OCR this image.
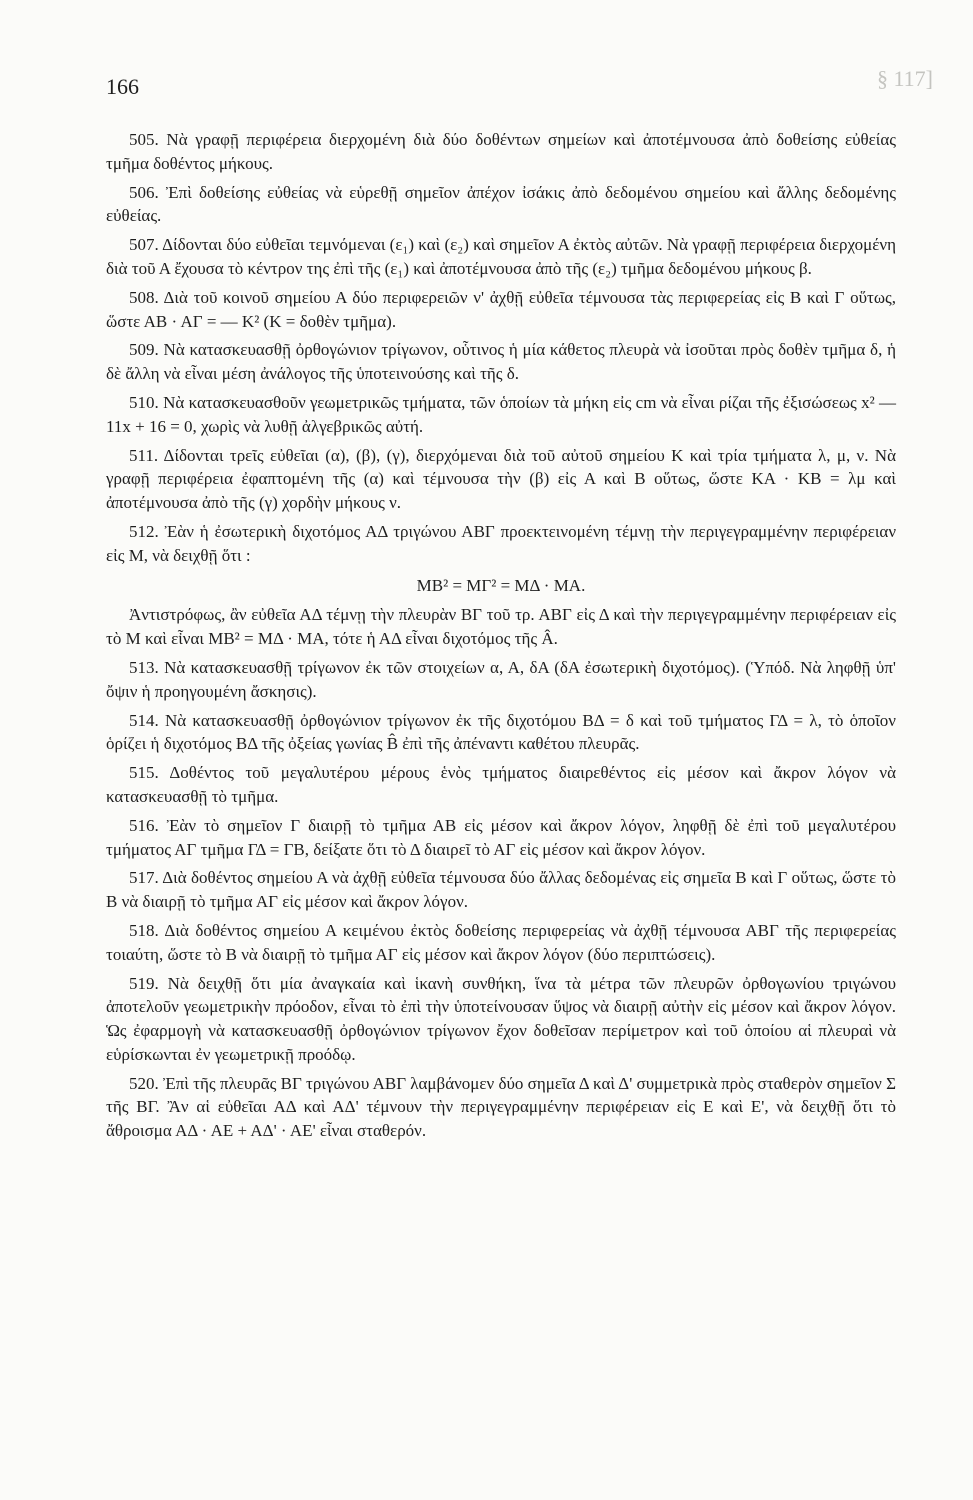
166	§ 117]

505. Νὰ γραφῇ περιφέρεια διερχομένη διὰ δύο δοθέντων σημείων καὶ ἀποτέμνουσα ἀπὸ δοθείσης εὐθείας τμῆμα δοθέντος μήκους.

506. Ἐπὶ δοθείσης εὐθείας νὰ εὑρεθῇ σημεῖον ἀπέχον ἰσάκις ἀπὸ δεδομένου σημείου καὶ ἄλλης δεδομένης εὐθείας.

507. Δίδονται δύο εὐθεῖαι τεμνόμεναι (ε₁) καὶ (ε₂) καὶ σημεῖον Α ἐκτὸς αὐτῶν. Νὰ γραφῇ περιφέρεια διερχομένη διὰ τοῦ Α ἔχουσα τὸ κέντρον της ἐπὶ τῆς (ε₁) καὶ ἀποτέμνουσα ἀπὸ τῆς (ε₂) τμῆμα δεδομένου μήκους β.

508. Διὰ τοῦ κοινοῦ σημείου Α δύο περιφερειῶν ν' ἀχθῇ εὐθεῖα τέμνουσα τὰς περιφερείας εἰς Β καὶ Γ οὕτως, ὥστε ΑΒ · ΑΓ = — Κ² (Κ = δοθὲν τμῆμα).

509. Νὰ κατασκευασθῇ ὀρθογώνιον τρίγωνον, οὗτινος ἡ μία κάθετος πλευρὰ νὰ ἰσοῦται πρὸς δοθὲν τμῆμα δ, ἡ δὲ ἄλλη νὰ εἶναι μέση ἀνάλογος τῆς ὑποτεινούσης καὶ τῆς δ.

510. Νὰ κατασκευασθοῦν γεωμετρικῶς τμήματα, τῶν ὁποίων τὰ μήκη εἰς cm νὰ εἶναι ρίζαι τῆς ἐξισώσεως x² — 11x + 16 = 0, χωρὶς νὰ λυθῇ ἀλγεβρικῶς αὐτή.

511. Δίδονται τρεῖς εὐθεῖαι (α), (β), (γ), διερχόμεναι διὰ τοῦ αὐτοῦ σημείου Κ καὶ τρία τμήματα λ, μ, ν. Νὰ γραφῇ περιφέρεια ἐφαπτομένη τῆς (α) καὶ τέμνουσα τὴν (β) εἰς Α καὶ Β οὕτως, ὥστε ΚΑ · ΚΒ = λμ καὶ ἀποτέμνουσα ἀπὸ τῆς (γ) χορδὴν μήκους ν.

512. Ἐὰν ἡ ἐσωτερικὴ διχοτόμος ΑΔ τριγώνου ΑΒΓ προεκτεινομένη τέμνῃ τὴν περιγεγραμμένην περιφέρειαν εἰς Μ, νὰ δειχθῇ ὅτι :

ΜΒ² = ΜΓ² = ΜΔ · ΜΑ.

Ἀντιστρόφως, ἂν εὐθεῖα ΑΔ τέμνῃ τὴν πλευρὰν ΒΓ τοῦ τρ. ΑΒΓ εἰς Δ καὶ τὴν περιγεγραμμένην περιφέρειαν εἰς τὸ Μ καὶ εἶναι ΜΒ² = ΜΔ · ΜΑ, τότε ἡ ΑΔ εἶναι διχοτόμος τῆς Â.

513. Νὰ κατασκευασθῇ τρίγωνον ἐκ τῶν στοιχείων α, Α, δΑ (δΑ ἐσωτερικὴ διχοτόμος). (Ὑπόδ. Νὰ ληφθῇ ὑπ' ὄψιν ἡ προηγουμένη ἄσκησις).

514. Νὰ κατασκευασθῇ ὀρθογώνιον τρίγωνον ἐκ τῆς διχοτόμου ΒΔ = δ καὶ τοῦ τμήματος ΓΔ = λ, τὸ ὁποῖον ὁρίζει ἡ διχοτόμος ΒΔ τῆς ὀξείας γωνίας B̂ ἐπὶ τῆς ἀπέναντι καθέτου πλευρᾶς.

515. Δοθέντος τοῦ μεγαλυτέρου μέρους ἑνὸς τμήματος διαιρεθέντος εἰς μέσον καὶ ἄκρον λόγον νὰ κατασκευασθῇ τὸ τμῆμα.

516. Ἐὰν τὸ σημεῖον Γ διαιρῇ τὸ τμῆμα ΑΒ εἰς μέσον καὶ ἄκρον λόγον, ληφθῇ δὲ ἐπὶ τοῦ μεγαλυτέρου τμήματος ΑΓ τμῆμα ΓΔ = ΓΒ, δείξατε ὅτι τὸ Δ διαιρεῖ τὸ ΑΓ εἰς μέσον καὶ ἄκρον λόγον.

517. Διὰ δοθέντος σημείου Α νὰ ἀχθῇ εὐθεῖα τέμνουσα δύο ἄλλας δεδομένας εἰς σημεῖα Β καὶ Γ οὕτως, ὥστε τὸ Β νὰ διαιρῇ τὸ τμῆμα ΑΓ εἰς μέσον καὶ ἄκρον λόγον.

518. Διὰ δοθέντος σημείου Α κειμένου ἐκτὸς δοθείσης περιφερείας νὰ ἀχθῇ τέμνουσα ΑΒΓ τῆς περιφερείας τοιαύτη, ὥστε τὸ Β νὰ διαιρῇ τὸ τμῆμα ΑΓ εἰς μέσον καὶ ἄκρον λόγον (δύο περιπτώσεις).

519. Νὰ δειχθῇ ὅτι μία ἀναγκαία καὶ ἱκανὴ συνθήκη, ἵνα τὰ μέτρα τῶν πλευρῶν ὀρθογωνίου τριγώνου ἀποτελοῦν γεωμετρικὴν πρόοδον, εἶναι τὸ ἐπὶ τὴν ὑποτείνουσαν ὕψος νὰ διαιρῇ αὐτὴν εἰς μέσον καὶ ἄκρον λόγον. Ὡς ἐφαρμογὴ νὰ κατασκευασθῇ ὀρθογώνιον τρίγωνον ἔχον δοθεῖσαν περίμετρον καὶ τοῦ ὁποίου αἱ πλευραὶ νὰ εὑρίσκωνται ἐν γεωμετρικῇ προόδῳ.

520. Ἐπὶ τῆς πλευρᾶς ΒΓ τριγώνου ΑΒΓ λαμβάνομεν δύο σημεῖα Δ καὶ Δ' συμμετρικὰ πρὸς σταθερὸν σημεῖον Σ τῆς ΒΓ. Ἂν αἱ εὐθεῖαι ΑΔ καὶ ΑΔ' τέμνουν τὴν περιγεγραμμένην περιφέρειαν εἰς Ε καὶ Ε', νὰ δειχθῇ ὅτι τὸ ἄθροισμα ΑΔ · ΑΕ + ΑΔ' · ΑΕ' εἶναι σταθερόν.
